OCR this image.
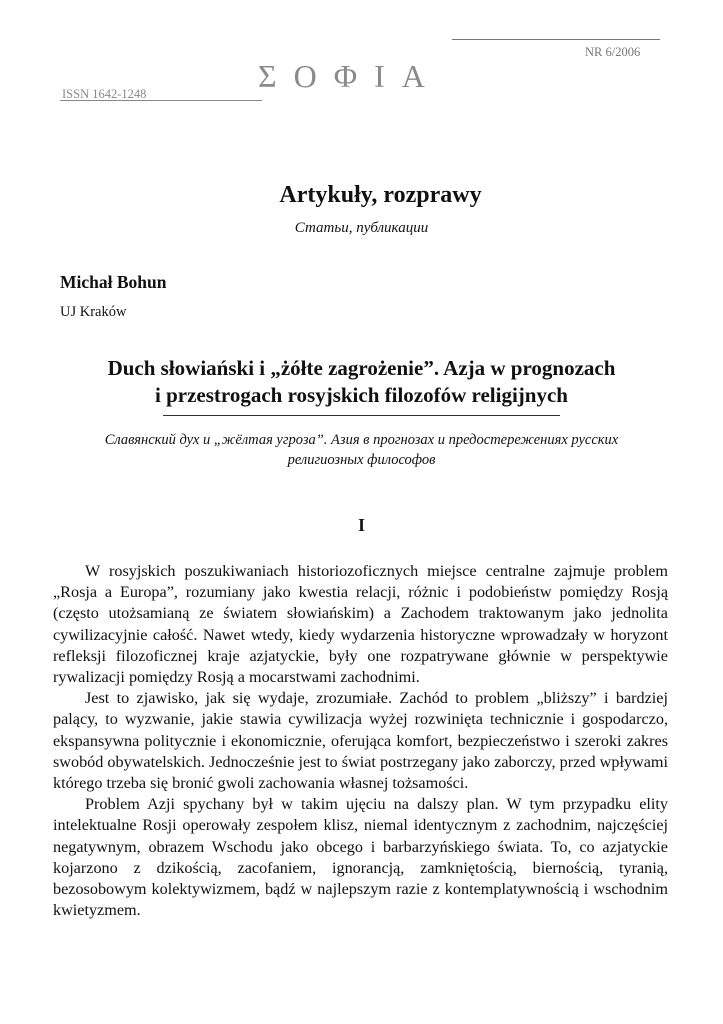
NR 6/2006
ΣΟΦΙΑ
ISSN 1642-1248
Artykuły, rozprawy
Статьи, публикации
Michał Bohun
UJ Kraków
Duch słowiański i „żółte zagrożenie”. Azja w prognozach
i przestrogach rosyjskich filozofów religijnych
Славянский дух и „жёлтая угроза”. Азия в прогнозах и предостережениях русских
религиозных философов
I

W rosyjskich poszukiwaniach historiozoficznych miejsce centralne zajmuje problem „Rosja a Europa”, rozumiany jako kwestia relacji, różnic i podobieństw pomiędzy Rosją (często utożsamianą ze światem słowiańskim) a Zachodem traktowanym jako jednolita cywilizacyjnie całość. Nawet wtedy, kiedy wydarzenia historyczne wprowadzały w horyzont refleksji filozoficznej kraje azjatyckie, były one rozpatrywane głównie w perspektywie rywalizacji pomiędzy Rosją a mocarstwami zachodnimi.

Jest to zjawisko, jak się wydaje, zrozumiałe. Zachód to problem „bliższy” i bardziej palący, to wyzwanie, jakie stawia cywilizacja wyżej rozwinięta technicznie i gospodarczo, ekspansywna politycznie i ekonomicznie, oferująca komfort, bezpieczeństwo i szeroki zakres swobód obywatelskich. Jednocześnie jest to świat postrzegany jako zaborczy, przed wpływami którego trzeba się bronić gwoli zachowania własnej tożsamości.

Problem Azji spychany był w takim ujęciu na dalszy plan. W tym przypadku elity intelektualne Rosji operowały zespołem klisz, niemal identycznym z zachodnim, najczęściej negatywnym, obrazem Wschodu jako obcego i barbarzyńskiego świata. To, co azjatyckie kojarzono z dzikością, zacofaniem, ignorancją, zamkniętością, biernością, tyranią, bezosobowym kolektywizmem, bądź w najlepszym razie z kontemplatywnością i wschodnim kwietyzmem.
